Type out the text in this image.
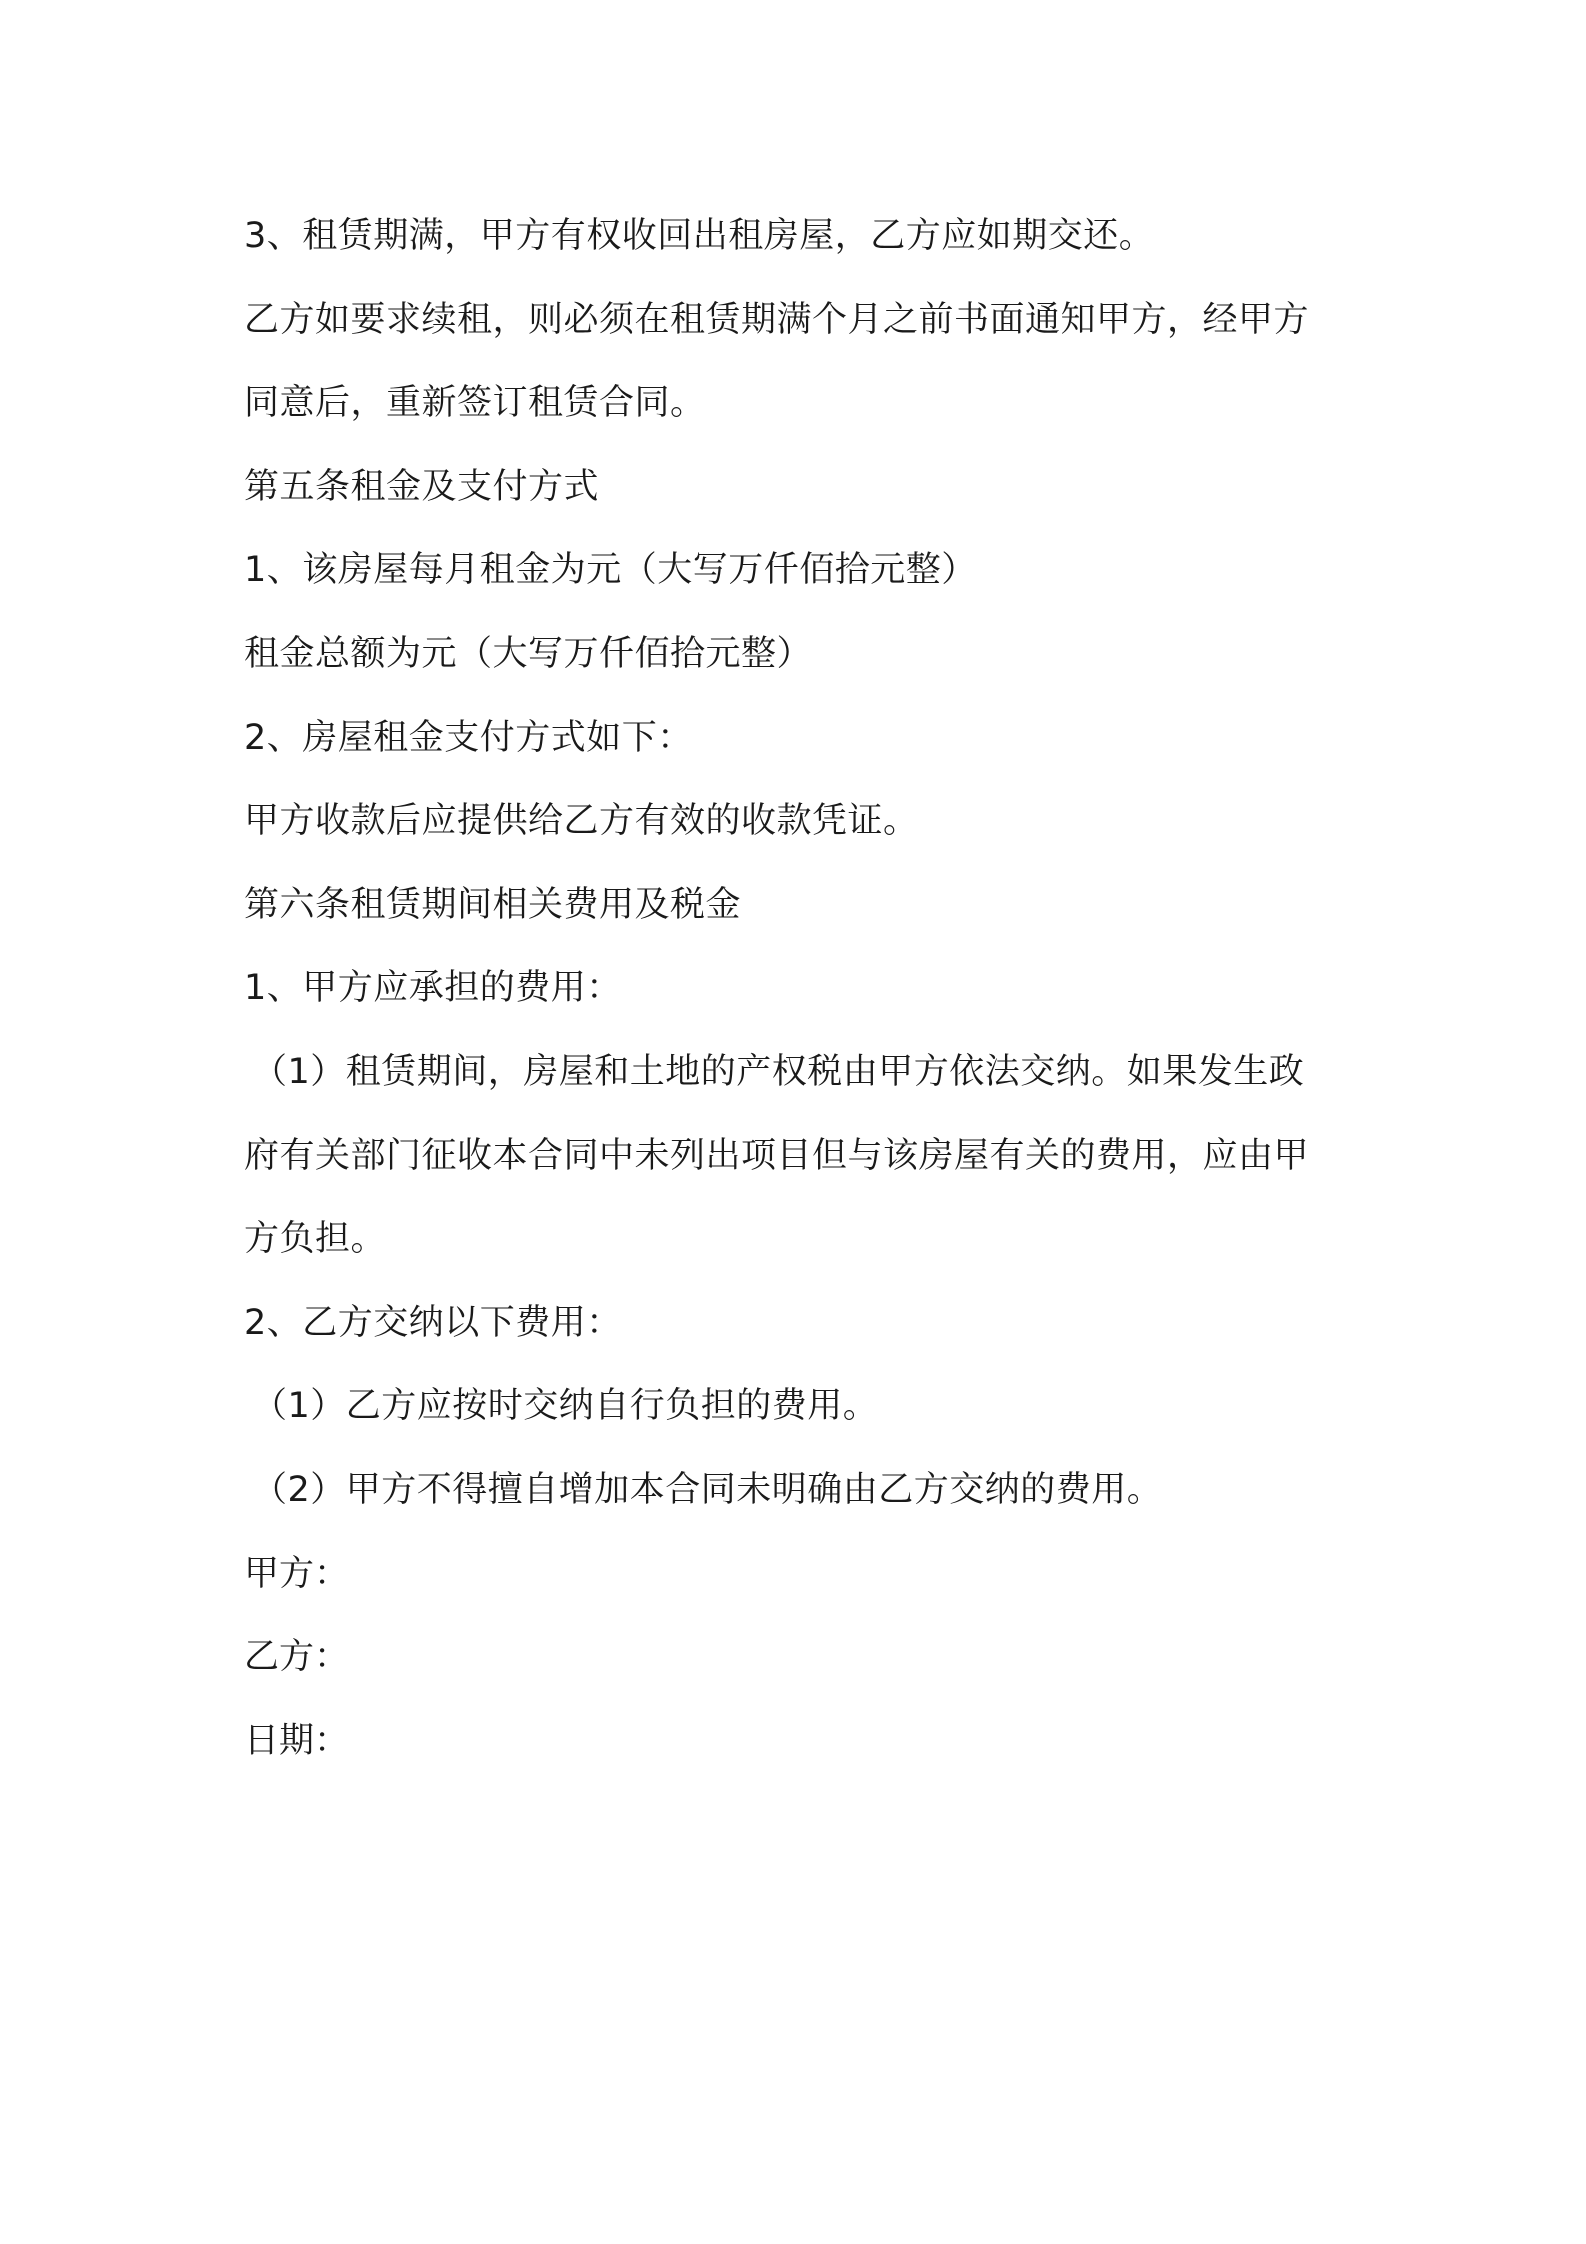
3、租赁期满，甲方有权收回出租房屋，乙方应如期交还。
乙方如要求续租，则必须在租赁期满个月之前书面通知甲方，经甲方
同意后，重新签订租赁合同。
第五条租金及支付方式
1、该房屋每月租金为元（大写万仟佰拾元整）
租金总额为元（大写万仟佰拾元整）
2、房屋租金支付方式如下：
甲方收款后应提供给乙方有效的收款凭证。
第六条租赁期间相关费用及税金
1、甲方应承担的费用：
（1）租赁期间，房屋和土地的产权税由甲方依法交纳。如果发生政
府有关部门征收本合同中未列出项目但与该房屋有关的费用，应由甲
方负担。
2、乙方交纳以下费用：
（1）乙方应按时交纳自行负担的费用。
（2）甲方不得擅自增加本合同未明确由乙方交纳的费用。
甲方：
乙方：
日期：
